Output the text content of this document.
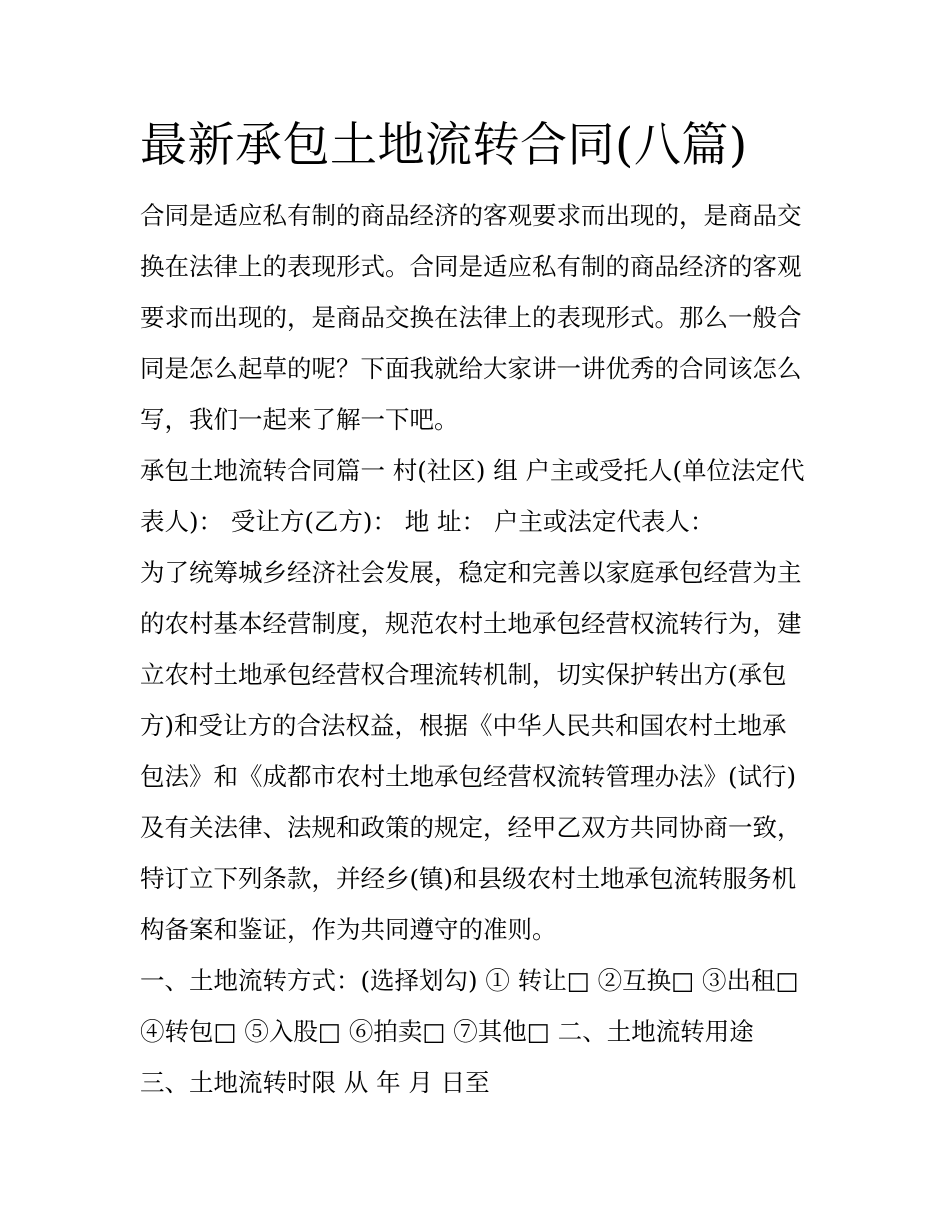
最新承包土地流转合同(八篇)

合同是适应私有制的商品经济的客观要求而出现的，是商品交
换在法律上的表现形式。合同是适应私有制的商品经济的客观
要求而出现的，是商品交换在法律上的表现形式。那么一般合
同是怎么起草的呢？下面我就给大家讲一讲优秀的合同该怎么
写，我们一起来了解一下吧。

承包土地流转合同篇一 村(社区) 组 户主或受托人(单位法定代
表人)： 受让方(乙方)： 地 址： 户主或法定代表人：

为了统筹城乡经济社会发展，稳定和完善以家庭承包经营为主
的农村基本经营制度，规范农村土地承包经营权流转行为，建
立农村土地承包经营权合理流转机制，切实保护转出方(承包
方)和受让方的合法权益，根据《中华人民共和国农村土地承
包法》和《成都市农村土地承包经营权流转管理办法》(试行)
及有关法律、法规和政策的规定，经甲乙双方共同协商一致，
特订立下列条款，并经乡(镇)和县级农村土地承包流转服务机
构备案和鉴证，作为共同遵守的准则。

一、土地流转方式：(选择划勾) ① 转让□ ②互换□ ③出租□
④转包□ ⑤入股□ ⑥拍卖□ ⑦其他□ 二、土地流转用途

三、土地流转时限 从 年 月 日至
